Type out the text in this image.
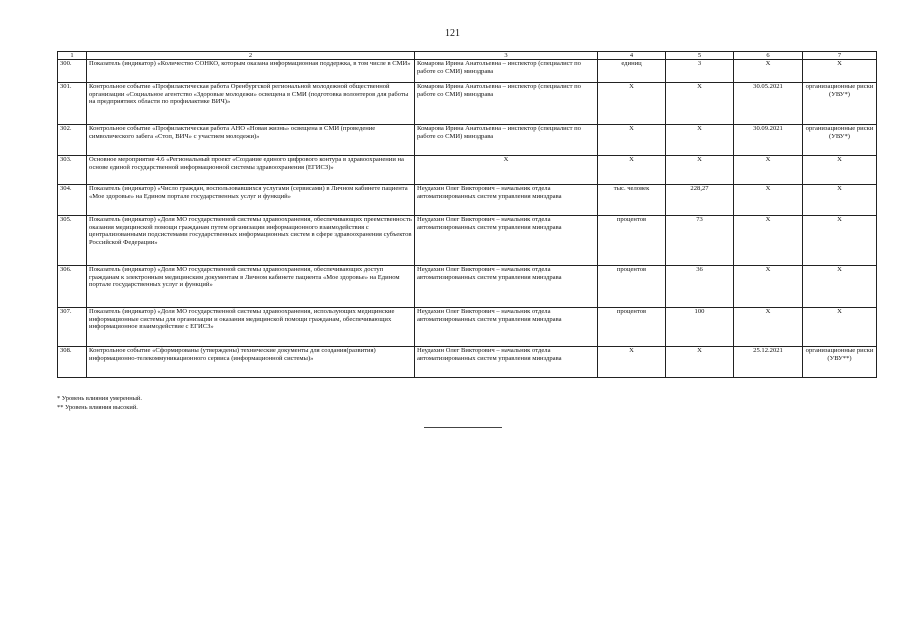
121
1	2	3	4	5	6	7
300.	Показатель (индикатор) «Количество СОНКО, которым оказана информационная поддержка, в том числе в СМИ»	Комарова Ирина Анатольевна – инспектор (специалист по работе со СМИ) минздрава	единиц	3	Х	Х
301.	Контрольное событие «Профилактическая работа Оренбургской региональной молодежной общественной организации «Социальное агентство «Здоровые молодежи» освещена в СМИ (подготовка волонтеров для работы на предприятиях области по профилактике ВИЧ)»	Комарова Ирина Анатольевна – инспектор (специалист по работе со СМИ) минздрава	Х	Х	30.05.2021	организационные риски (УВУ*)
302.	Контрольное событие «Профилактическая работа АНО «Новая жизнь» освещена в СМИ (проведение символического забега «Стоп, ВИЧ» с участием молодежи)»	Комарова Ирина Анатольевна – инспектор (специалист по работе со СМИ) минздрава	Х	Х	30.09.2021	организационные риски (УВУ*)
303.	Основное мероприятие 4.6 «Региональный проект «Создание единого цифрового контура в здравоохранении на основе единой государственной информационной системы здравоохранения (ЕГИСЗ)»	Х	Х	Х	Х	Х
304.	Показатель (индикатор) «Число граждан, воспользовавшихся услугами (сервисами) в Личном кабинете пациента «Мое здоровье» на Едином портале государственных услуг и функций»	Неудахин Олег Викторович – начальник отдела автоматизированных систем управления минздрава	тыс. человек	228,27	Х	Х
305.	Показатель (индикатор) «Доля МО государственной системы здравоохранения, обеспечивающих преемственность оказания медицинской помощи гражданам путем организации информационного взаимодействия с централизованными подсистемами государственных информационных систем в сфере здравоохранения субъектов Российской Федерации»	Неудахин Олег Викторович – начальник отдела автоматизированных систем управления минздрава	процентов	73	Х	Х
306.	Показатель (индикатор) «Доля МО государственной системы здравоохранения, обеспечивающих доступ гражданам к электронным медицинским документам в Личном кабинете пациента «Мое здоровье» на Едином портале государственных услуг и функций»	Неудахин Олег Викторович – начальник отдела автоматизированных систем управления минздрава	процентов	36	Х	Х
307.	Показатель (индикатор) «Доля МО государственной системы здравоохранения, использующих медицинские информационные системы для организации и оказания медицинской помощи гражданам, обеспечивающих информационное взаимодействие с ЕГИСЗ»	Неудахин Олег Викторович – начальник отдела автоматизированных систем управления минздрава	процентов	100	Х	Х
308.	Контрольное событие «Сформированы (утверждены) технические документы для создания(развития) информационно-телекоммуникационного сервиса (информационной системы)»	Неудахин Олег Викторович – начальник отдела автоматизированных систем управления минздрава	Х	Х	25.12.2021	организационные риски (УВУ**)
* Уровень влияния умеренный.
** Уровень влияния высокий.
